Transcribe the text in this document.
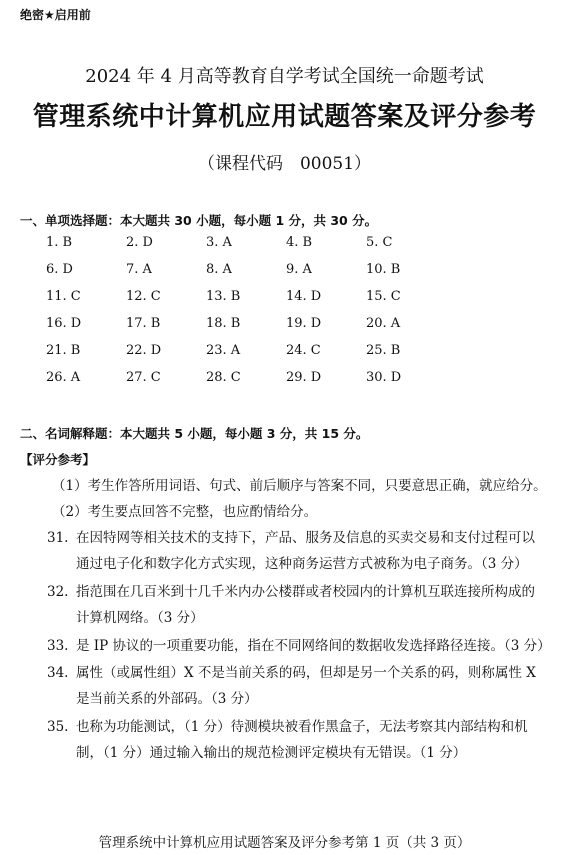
绝密★启用前
2024 年 4 月高等教育自学考试全国统一命题考试
管理系统中计算机应用试题答案及评分参考
（课程代码　00051）
一、单项选择题：本大题共 30 小题，每小题 1 分，共 30 分。
1. B	2. D	3. A	4. B	5. C
6. D	7. A	8. A	9. A	10. B
11. C	12. C	13. B	14. D	15. C
16. D	17. B	18. B	19. D	20. A
21. B	22. D	23. A	24. C	25. B
26. A	27. C	28. C	29. D	30. D
二、名词解释题：本大题共 5 小题，每小题 3 分，共 15 分。
【评分参考】
（1）考生作答所用词语、句式、前后顺序与答案不同，只要意思正确，就应给分。
（2）考生要点回答不完整，也应酌情给分。
31. 在因特网等相关技术的支持下，产品、服务及信息的买卖交易和支付过程可以
通过电子化和数字化方式实现，这种商务运营方式被称为电子商务。（3 分）
32. 指范围在几百米到十几千米内办公楼群或者校园内的计算机互联连接所构成的
计算机网络。（3 分）
33. 是 IP 协议的一项重要功能，指在不同网络间的数据收发选择路径连接。（3 分）
34. 属性（或属性组）X 不是当前关系的码，但却是另一个关系的码，则称属性 X
是当前关系的外部码。（3 分）
35. 也称为功能测试，（1 分）待测模块被看作黑盒子，无法考察其内部结构和机
制，（1 分）通过输入输出的规范检测评定模块有无错误。（1 分）
管理系统中计算机应用试题答案及评分参考第 1 页（共 3 页）
